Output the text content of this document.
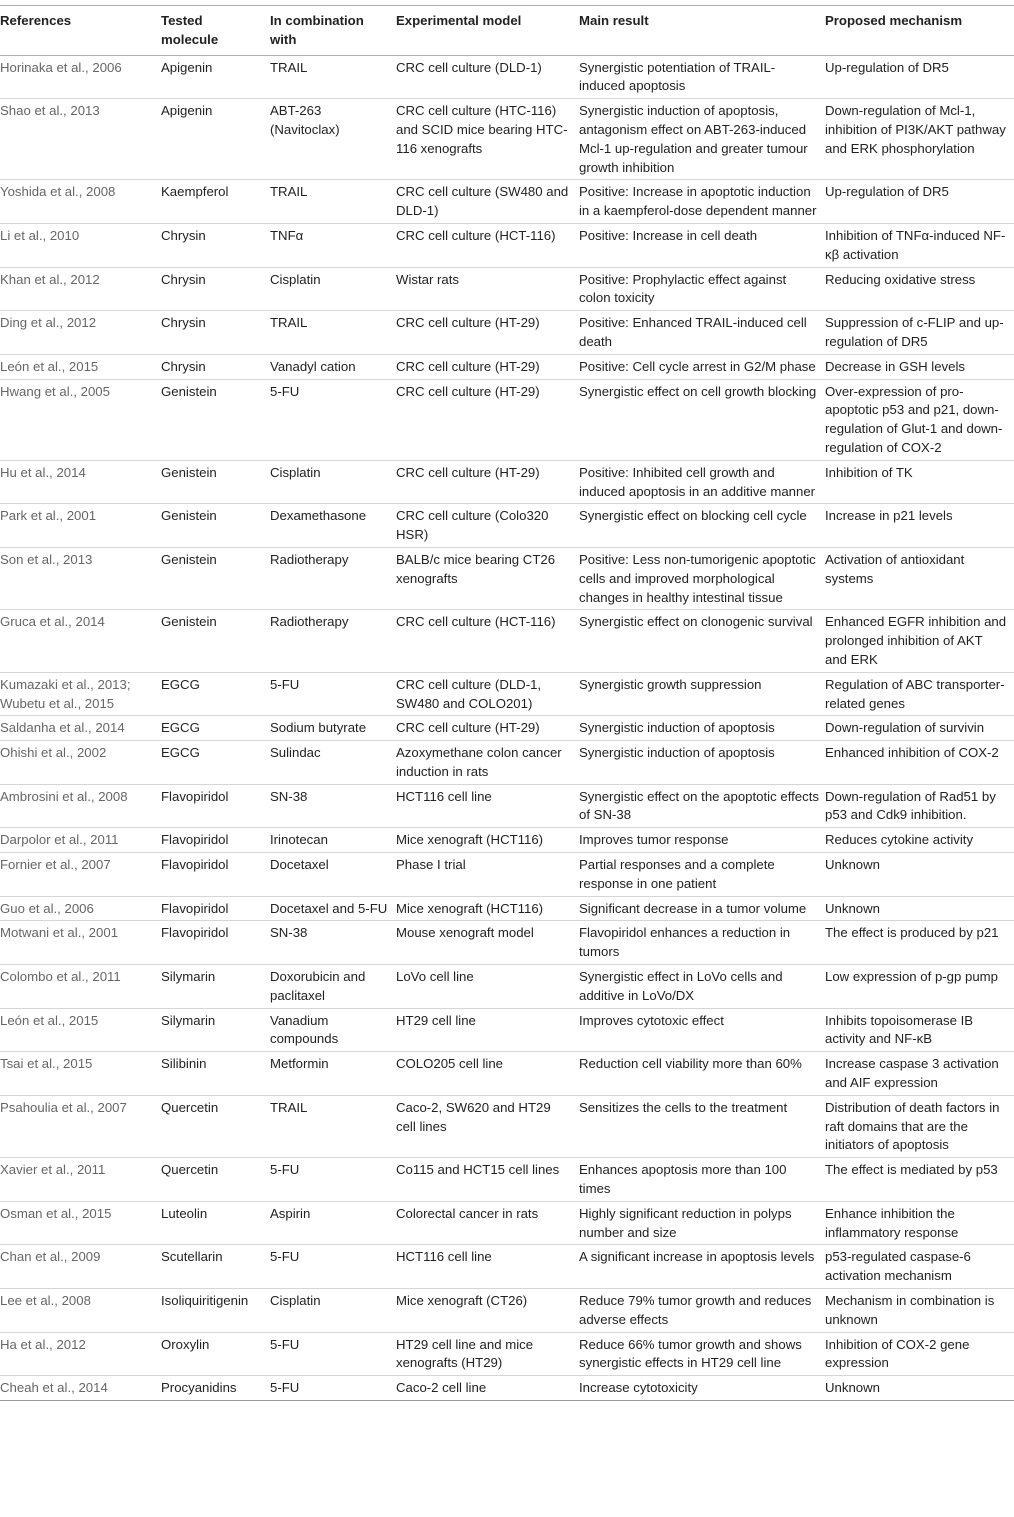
References	Tested molecule	In combination with	Experimental model	Main result	Proposed mechanism
Horinaka et al., 2006	Apigenin	TRAIL	CRC cell culture (DLD-1)	Synergistic potentiation of TRAIL-induced apoptosis	Up-regulation of DR5
Shao et al., 2013	Apigenin	ABT-263 (Navitoclax)	CRC cell culture (HTC-116) and SCID mice bearing HTC-116 xenografts	Synergistic induction of apoptosis, antagonism effect on ABT-263-induced Mcl-1 up-regulation and greater tumour growth inhibition	Down-regulation of Mcl-1, inhibition of PI3K/AKT pathway and ERK phosphorylation
Yoshida et al., 2008	Kaempferol	TRAIL	CRC cell culture (SW480 and DLD-1)	Positive: Increase in apoptotic induction in a kaempferol-dose dependent manner	Up-regulation of DR5
Li et al., 2010	Chrysin	TNFα	CRC cell culture (HCT-116)	Positive: Increase in cell death	Inhibition of TNFα-induced NF-κβ activation
Khan et al., 2012	Chrysin	Cisplatin	Wistar rats	Positive: Prophylactic effect against colon toxicity	Reducing oxidative stress
Ding et al., 2012	Chrysin	TRAIL	CRC cell culture (HT-29)	Positive: Enhanced TRAIL-induced cell death	Suppression of c-FLIP and up-regulation of DR5
León et al., 2015	Chrysin	Vanadyl cation	CRC cell culture (HT-29)	Positive: Cell cycle arrest in G2/M phase	Decrease in GSH levels
Hwang et al., 2005	Genistein	5-FU	CRC cell culture (HT-29)	Synergistic effect on cell growth blocking	Over-expression of pro-apoptotic p53 and p21, down-regulation of Glut-1 and down-regulation of COX-2
Hu et al., 2014	Genistein	Cisplatin	CRC cell culture (HT-29)	Positive: Inhibited cell growth and induced apoptosis in an additive manner	Inhibition of TK
Park et al., 2001	Genistein	Dexamethasone	CRC cell culture (Colo320 HSR)	Synergistic effect on blocking cell cycle	Increase in p21 levels
Son et al., 2013	Genistein	Radiotherapy	BALB/c mice bearing CT26 xenografts	Positive: Less non-tumorigenic apoptotic cells and improved morphological changes in healthy intestinal tissue	Activation of antioxidant systems
Gruca et al., 2014	Genistein	Radiotherapy	CRC cell culture (HCT-116)	Synergistic effect on clonogenic survival	Enhanced EGFR inhibition and prolonged inhibition of AKT and ERK
Kumazaki et al., 2013; Wubetu et al., 2015	EGCG	5-FU	CRC cell culture (DLD-1, SW480 and COLO201)	Synergistic growth suppression	Regulation of ABC transporter-related genes
Saldanha et al., 2014	EGCG	Sodium butyrate	CRC cell culture (HT-29)	Synergistic induction of apoptosis	Down-regulation of survivin
Ohishi et al., 2002	EGCG	Sulindac	Azoxymethane colon cancer induction in rats	Synergistic induction of apoptosis	Enhanced inhibition of COX-2
Ambrosini et al., 2008	Flavopiridol	SN-38	HCT116 cell line	Synergistic effect on the apoptotic effects of SN-38	Down-regulation of Rad51 by p53 and Cdk9 inhibition.
Darpolor et al., 2011	Flavopiridol	Irinotecan	Mice xenograft (HCT116)	Improves tumor response	Reduces cytokine activity
Fornier et al., 2007	Flavopiridol	Docetaxel	Phase I trial	Partial responses and a complete response in one patient	Unknown
Guo et al., 2006	Flavopiridol	Docetaxel and 5-FU	Mice xenograft (HCT116)	Significant decrease in a tumor volume	Unknown
Motwani et al., 2001	Flavopiridol	SN-38	Mouse xenograft model	Flavopiridol enhances a reduction in tumors	The effect is produced by p21
Colombo et al., 2011	Silymarin	Doxorubicin and paclitaxel	LoVo cell line	Synergistic effect in LoVo cells and additive in LoVo/DX	Low expression of p-gp pump
León et al., 2015	Silymarin	Vanadium compounds	HT29 cell line	Improves cytotoxic effect	Inhibits topoisomerase IB activity and NF-κB
Tsai et al., 2015	Silibinin	Metformin	COLO205 cell line	Reduction cell viability more than 60%	Increase caspase 3 activation and AIF expression
Psahoulia et al., 2007	Quercetin	TRAIL	Caco-2, SW620 and HT29 cell lines	Sensitizes the cells to the treatment	Distribution of death factors in raft domains that are the initiators of apoptosis
Xavier et al., 2011	Quercetin	5-FU	Co115 and HCT15 cell lines	Enhances apoptosis more than 100 times	The effect is mediated by p53
Osman et al., 2015	Luteolin	Aspirin	Colorectal cancer in rats	Highly significant reduction in polyps number and size	Enhance inhibition the inflammatory response
Chan et al., 2009	Scutellarin	5-FU	HCT116 cell line	A significant increase in apoptosis levels	p53-regulated caspase-6 activation mechanism
Lee et al., 2008	Isoliquiritigenin	Cisplatin	Mice xenograft (CT26)	Reduce 79% tumor growth and reduces adverse effects	Mechanism in combination is unknown
Ha et al., 2012	Oroxylin	5-FU	HT29 cell line and mice xenografts (HT29)	Reduce 66% tumor growth and shows synergistic effects in HT29 cell line	Inhibition of COX-2 gene expression
Cheah et al., 2014	Procyanidins	5-FU	Caco-2 cell line	Increase cytotoxicity	Unknown
